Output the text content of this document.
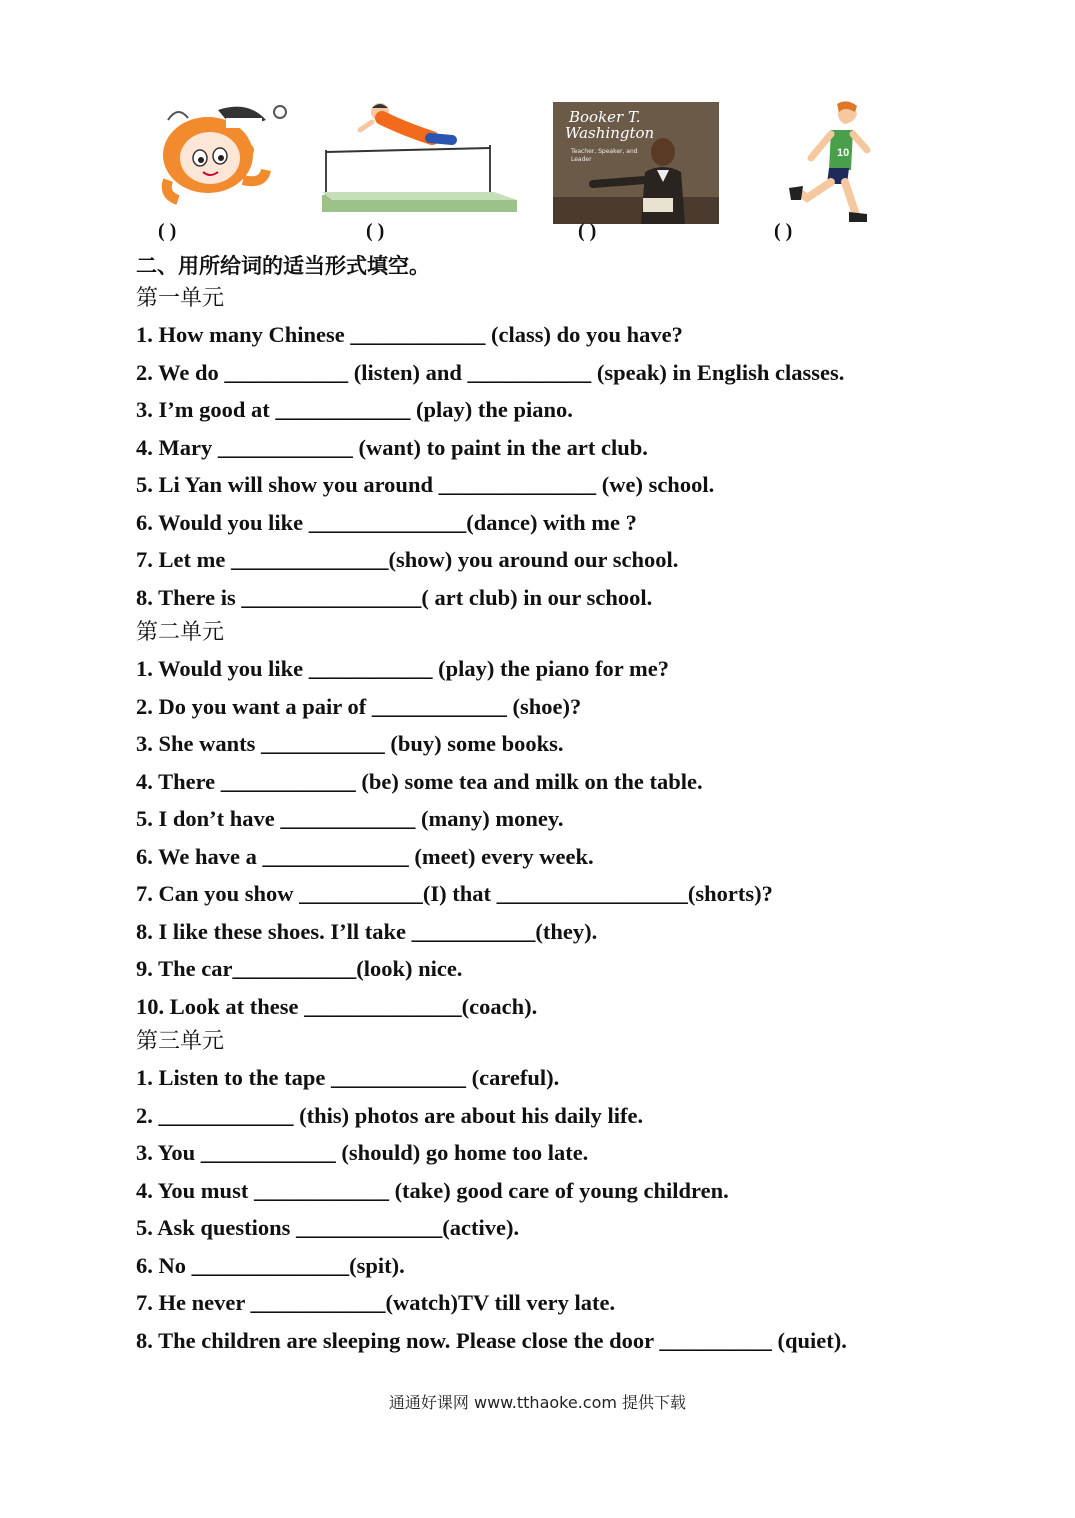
( )	( )
Booker T.
Washington
Teacher, Speaker, and Leader
( )
10
( )
二、用所给词的适当形式填空。
第一单元
1. How many Chinese ____________ (class) do you have?
2. We do ___________ (listen) and ___________ (speak) in English classes.
3. I’m good at ____________ (play) the piano.
4. Mary ____________ (want) to paint in the art club.
5. Li Yan will show you around ______________ (we) school.
6. Would you like ______________(dance) with me ?
7. Let me ______________(show) you around our school.
8. There is ________________( art club) in our school.
第二单元
1. Would you like ___________ (play) the piano for me?
2. Do you want a pair of ____________ (shoe)?
3. She wants ___________ (buy) some books.
4. There ____________ (be) some tea and milk on the table.
5. I don’t have ____________ (many) money.
6. We have a _____________ (meet) every week.
7. Can you show ___________(I) that _________________(shorts)?
8. I like these shoes. I’ll take ___________(they).
9. The car___________(look) nice.
10. Look at these ______________(coach).
第三单元
1. Listen to the tape ____________ (careful).
2. ____________ (this) photos are about his daily life.
3. You ____________ (should) go home too late.
4. You must ____________ (take) good care of young children.
5. Ask questions _____________(active).
6. No ______________(spit).
7. He never ____________(watch)TV till very late.
8. The children are sleeping now. Please close the door __________ (quiet).
通通好课网 www.tthaoke.com 提供下载
